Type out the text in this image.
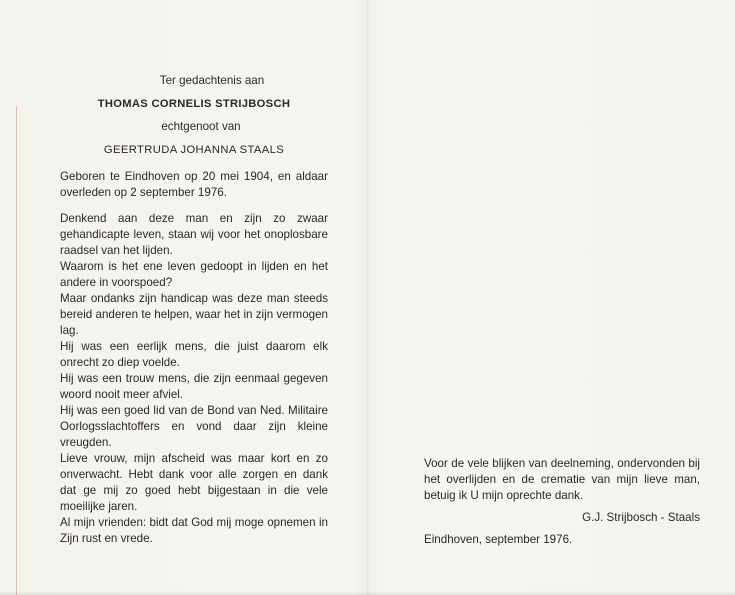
Ter gedachtenis aan
THOMAS CORNELIS STRIJBOSCH
echtgenoot van
GEERTRUDA JOHANNA STAALS
Geboren te Eindhoven op 20 mei 1904, en aldaar overleden op 2 september 1976.

Denkend aan deze man en zijn zo zwaar gehandicapte leven, staan wij voor het onoplosbare raadsel van het lijden.

Waarom is het ene leven gedoopt in lijden en het andere in voorspoed?

Maar ondanks zijn handicap was deze man steeds bereid anderen te helpen, waar het in zijn vermogen lag.

Hij was een eerlijk mens, die juist daarom elk onrecht zo diep voelde.

Hij was een trouw mens, die zijn eenmaal gegeven woord nooit meer afviel.

Hij was een goed lid van de Bond van Ned. Militaire Oorlogsslachtoffers en vond daar zijn kleine vreugden.

Lieve vrouw, mijn afscheid was maar kort en zo onverwacht. Hebt dank voor alle zorgen en dank dat ge mij zo goed hebt bijgestaan in die vele moeilijke jaren.

Al mijn vrienden: bidt dat God mij moge opnemen in Zijn rust en vrede.

Voor de vele blijken van deelneming, ondervonden bij het overlijden en de crematie van mijn lieve man, betuig ik U mijn oprechte dank.

G.J. Strijbosch - Staals

Eindhoven, september 1976.
